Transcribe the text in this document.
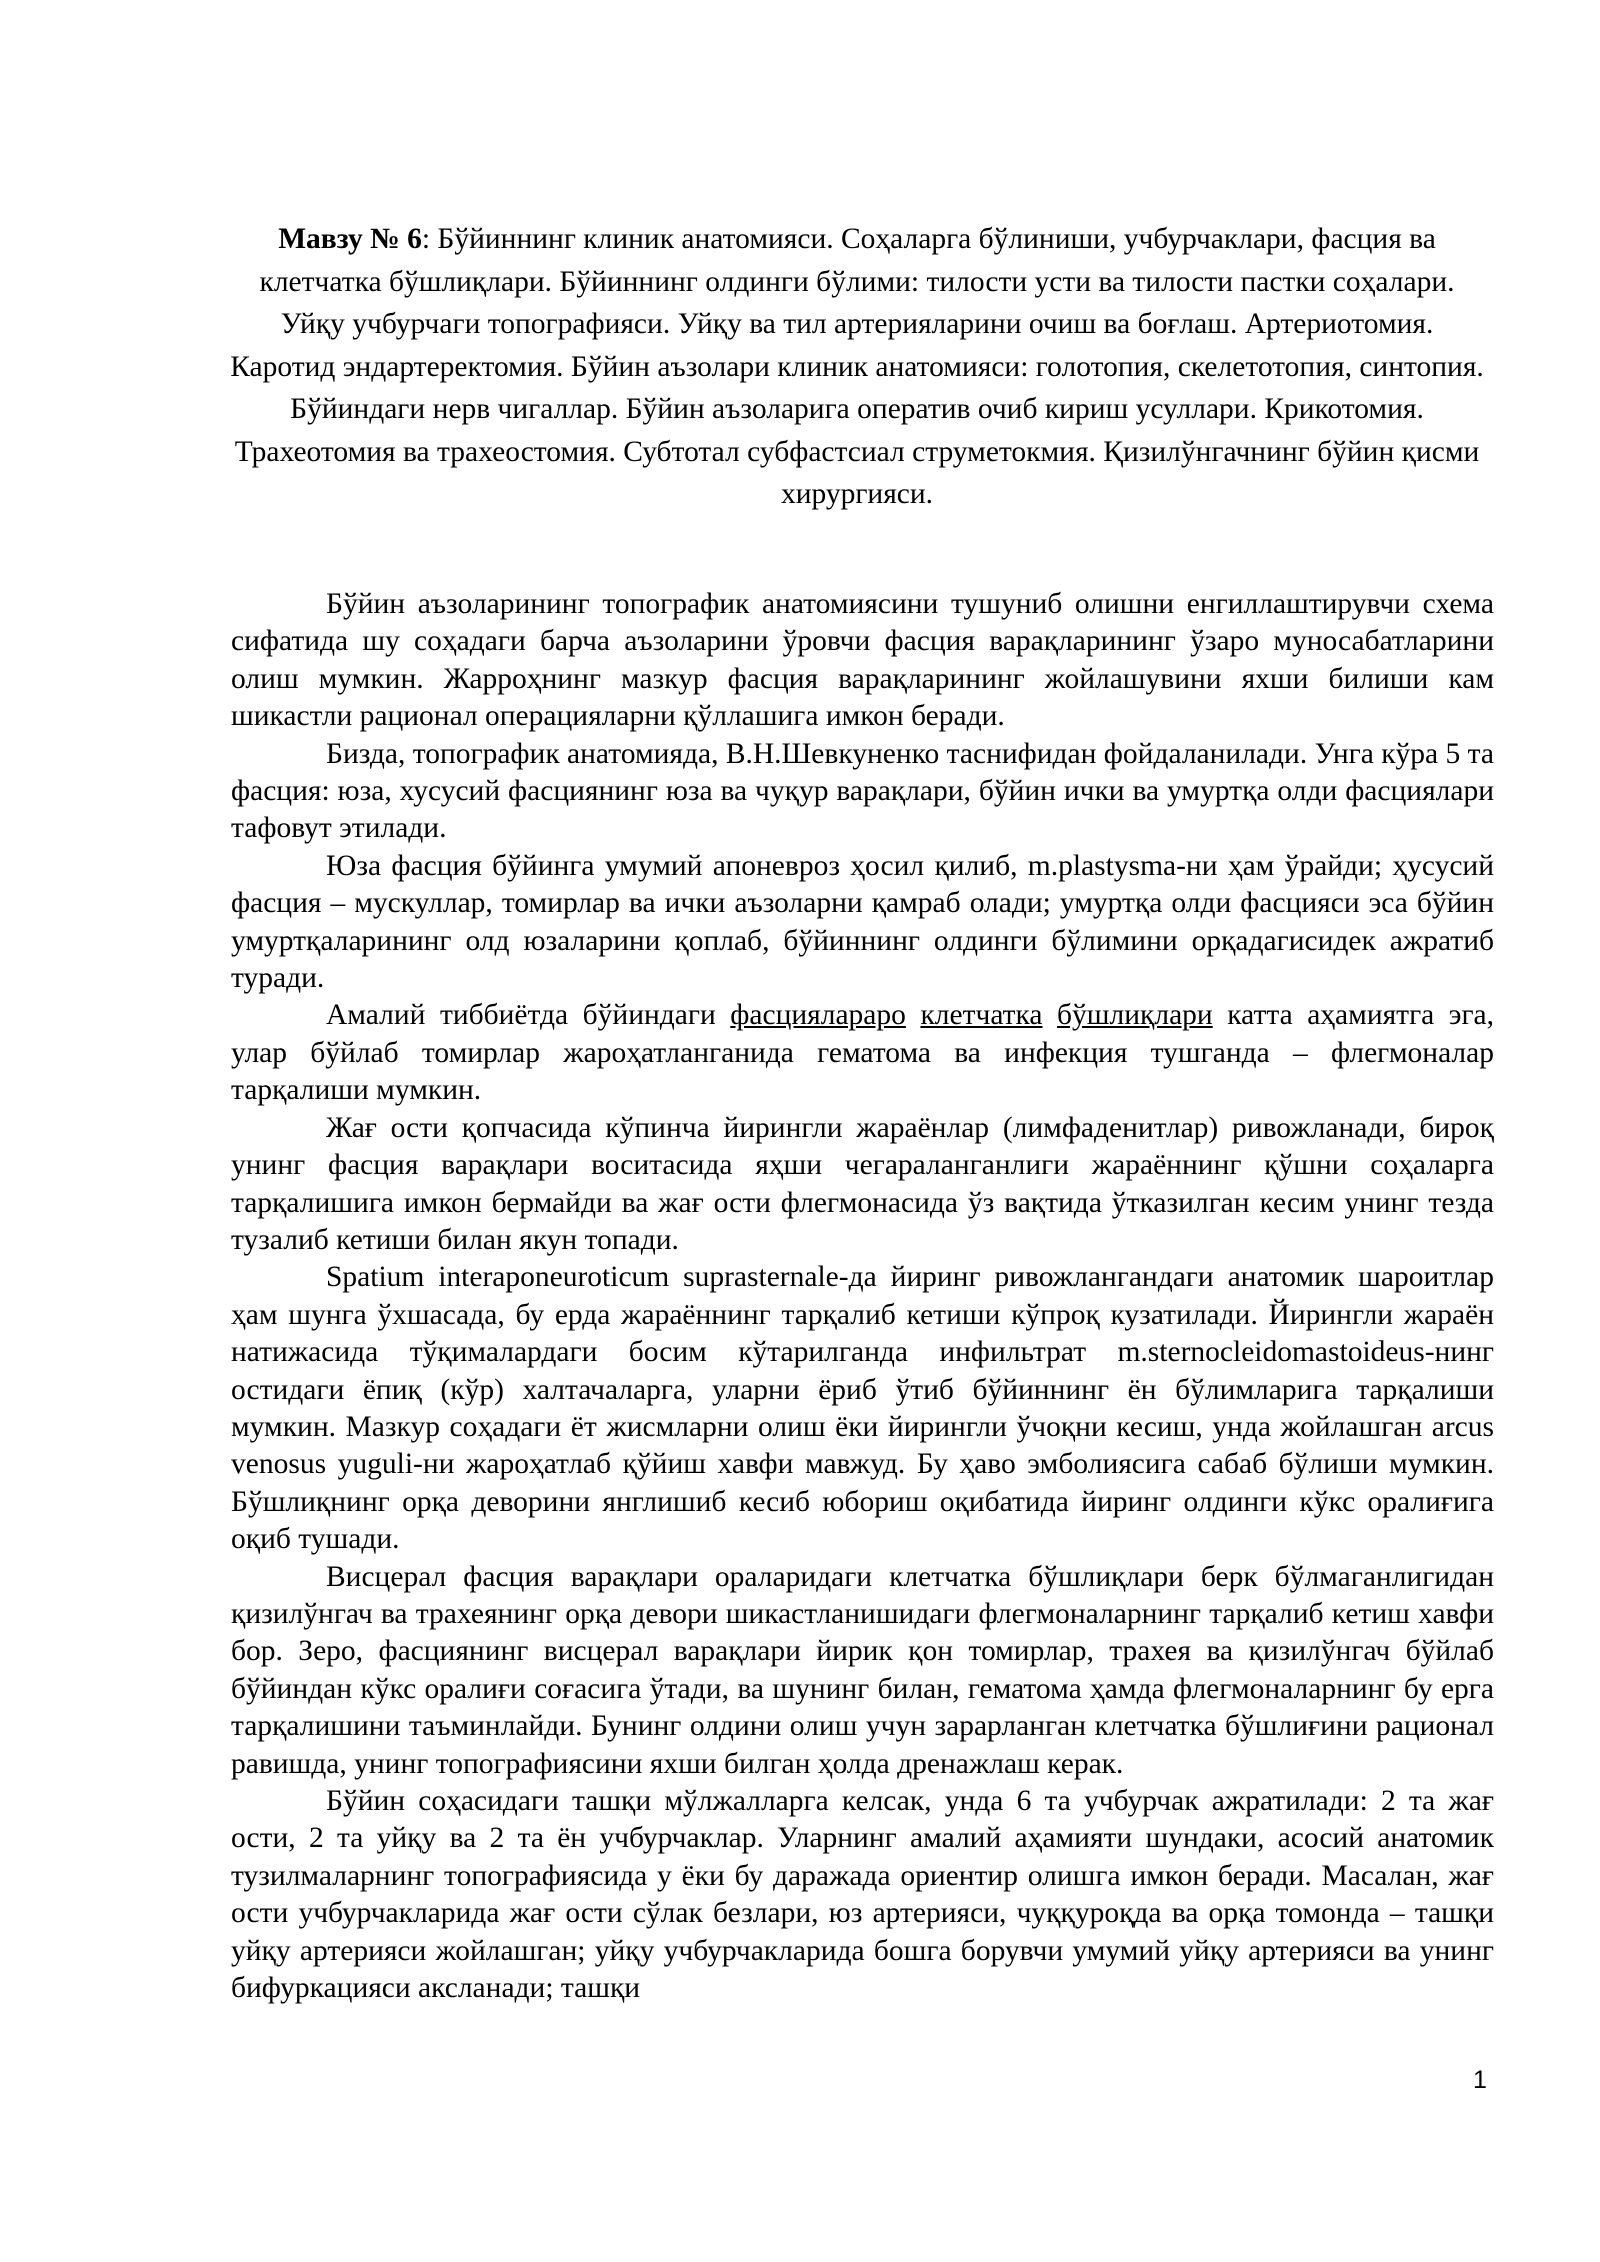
Мавзу № 6: Бўйиннинг клиник анатомияси. Соҳаларга бўлиниши, учбурчаклари, фасция ва клетчатка бўшлиқлари. Бўйиннинг олдинги бўлими: тилости усти ва тилости пастки соҳалари. Уйқу учбурчаги топографияси. Уйқу ва тил артерияларини очиш ва боғлаш. Артериотомия. Каротид эндартеректомия. Бўйин аъзолари клиник анатомияси: голотопия, скелетотопия, синтопия. Бўйиндаги нерв чигаллар. Бўйин аъзоларига оператив очиб кириш усуллари. Крикотомия. Трахеотомия ва трахеостомия. Субтотал субфастсиал струметокмия. Қизилўнгачнинг бўйин қисми хирургияси.

Бўйин аъзоларининг топографик анатомиясини тушуниб олишни енгиллаштирувчи схема сифатида шу соҳадаги барча аъзоларини ўровчи фасция варақларининг ўзаро муносабатларини олиш мумкин. Жарроҳнинг мазкур фасция варақларининг жойлашувини яхши билиши кам шикастли рационал операцияларни қўллашига имкон беради.

Бизда, топографик анатомияда, В.Н.Шевкуненко таснифидан фойдаланилади. Унга кўра 5 та фасция: юза, хусусий фасциянинг юза ва чуқур варақлари, бўйин ички ва умуртқа олди фасциялари тафовут этилади.

Юза фасция бўйинга умумий апоневроз ҳосил қилиб, m.plastysma-ни ҳам ўрайди; ҳусусий фасция – мускуллар, томирлар ва ички аъзоларни қамраб олади; умуртқа олди фасцияси эса бўйин умуртқаларининг олд юзаларини қоплаб, бўйиннинг олдинги бўлимини орқадагисидек ажратиб туради.

Амалий тиббиётда бўйиндаги фасциялараро клетчатка бўшлиқлари катта аҳамиятга эга, улар бўйлаб томирлар жароҳатланганида гематома ва инфекция тушганда – флегмоналар тарқалиши мумкин.

Жағ ости қопчасида кўпинча йирингли жараёнлар (лимфаденитлар) ривожланади, бироқ унинг фасция варақлари воситасида яҳши чегараланганлиги жараённинг қўшни соҳаларга тарқалишига имкон бермайди ва жағ ости флегмонасида ўз вақтида ўтказилган кесим унинг тезда тузалиб кетиши билан якун топади.

Spatium interaponeuroticum suprasternale-да йиринг ривожлангандаги анатомик шароитлар ҳам шунга ўхшасада, бу ерда жараённинг тарқалиб кетиши кўпроқ кузатилади. Йирингли жараён натижасида тўқималардаги босим кўтарилганда инфильтрат m.sternocleidomastoideus-нинг остидаги ёпиқ (кўр) халтачаларга, уларни ёриб ўтиб бўйиннинг ён бўлимларига тарқалиши мумкин. Мазкур соҳадаги ёт жисмларни олиш ёки йирингли ўчоқни кесиш, унда жойлашган arcus venosus yuguli-ни жароҳатлаб қўйиш хавфи мавжуд. Бу ҳаво эмболиясига сабаб бўлиши мумкин. Бўшлиқнинг орқа деворини янглишиб кесиб юбориш оқибатида йиринг олдинги кўкс оралиғига оқиб тушади.

Висцерал фасция варақлари оралaридаги клетчатка бўшлиқлари берк бўлмаганлигидан қизилўнгач ва трахеянинг орқа девори шикастланишидаги флегмоналарнинг тарқалиб кетиш хавфи бор. Зеро, фасциянинг висцерал варақлари йирик қон томирлар, трахея ва қизилўнгач бўйлаб бўйиндан кўкс оралиғи соғасига ўтади, ва шунинг билан, гематома ҳамда флегмоналарнинг бу ерга тарқалишини таъминлайди. Бунинг олдини олиш учун зарарланган клетчатка бўшлиғини рационал равишда, унинг топографиясини яхши билган ҳолда дренажлаш керак.

Бўйин соҳасидаги ташқи мўлжалларга келсак, унда 6 та учбурчак ажратилади: 2 та жағ ости, 2 та уйқу ва 2 та ён учбурчаклар. Уларнинг амалий аҳамияти шундаки, асосий анатомик тузилмаларнинг топографиясида у ёки бу даражада ориентир олишга имкон беради. Масалан, жағ ости учбурчакларида жағ ости сўлак безлари, юз артерияси, чуққуроқда ва орқа томонда – ташқи уйқу артерияси жойлашган; уйқу учбурчакларида бошга борувчи умумий уйқу артерияси ва унинг бифуркацияси аксланади; ташқи

1
